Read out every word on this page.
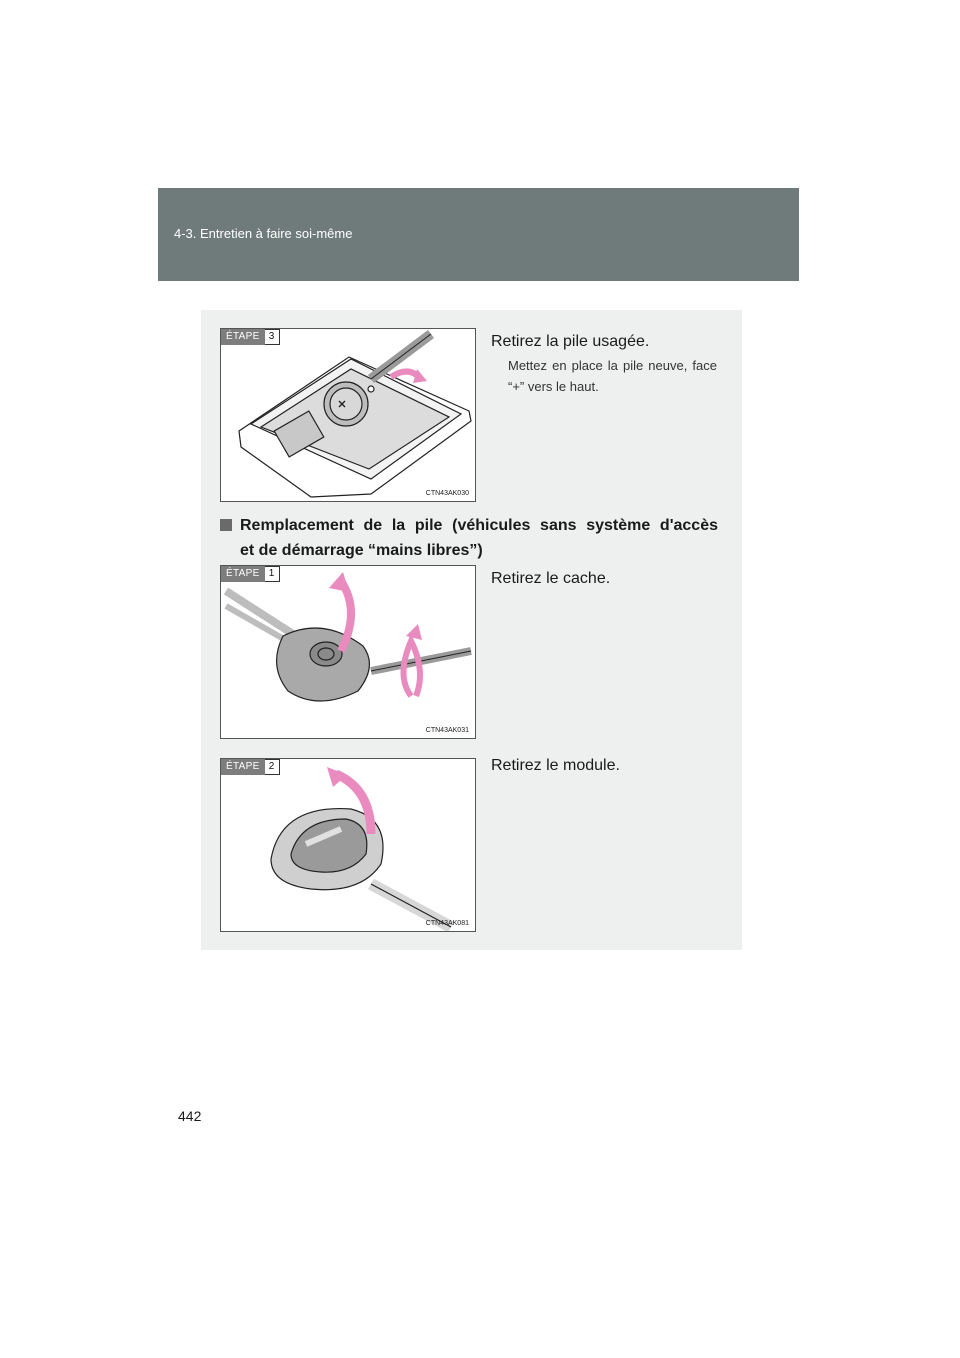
4-3. Entretien à faire soi-même
ÉTAPE 3
CTN43AK030
Retirez la pile usagée.
Mettez en place la pile neuve, face “+” vers le haut.
Remplacement de la pile (véhicules sans système d'accès
et de démarrage “mains libres”)
ÉTAPE 1
CTN43AK031
Retirez le cache.
ÉTAPE 2
CTN43AK081
Retirez le module.
442
